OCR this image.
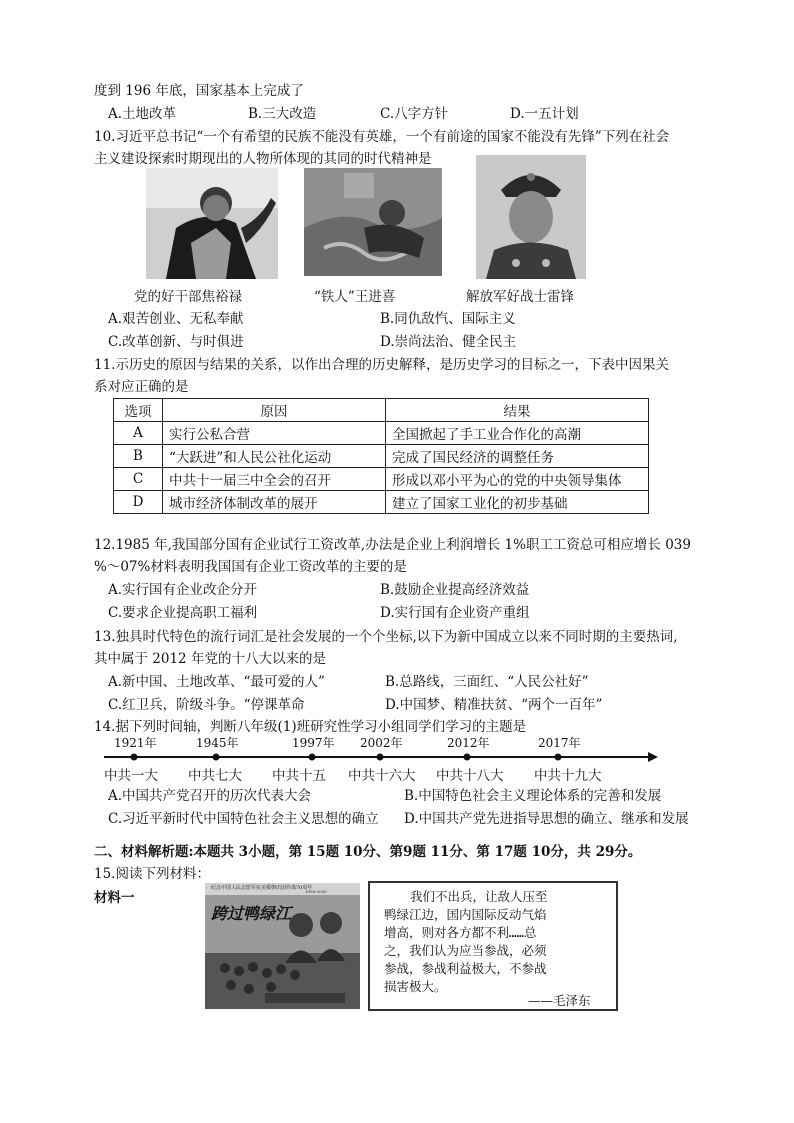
度到 196 年底，国家基本上完成了
A.土地改革	B.三大改造	C.八字方针	D.一五计划
10.习近平总书记“一个有希望的民族不能没有英雄，一个有前途的国家不能没有先锋”下列在社会
主义建设探索时期现出的人物所体现的其同的时代精神是
党的好干部焦裕禄	“铁人”王进喜	解放军好战士雷锋
A.艰苦创业、无私奉献	B.同仇敌忾、国际主义
C.改革创新、与时俱进	D.崇尚法治、健全民主
11.示历史的原因与结果的关系，以作出合理的历史解释，是历史学习的目标之一，下表中因果关
系对应正确的是
选项	原因	结果
A	实行公私合营	全国掀起了手工业合作化的高潮
B	“大跃进”和人民公社化运动	完成了国民经济的调整任务
C	中共十一届三中全会的召开	形成以邓小平为心的党的中央领导集体
D	城市经济体制改革的展开	建立了国家工业化的初步基础
12.1985 年,我国部分国有企业试行工资改革,办法是企业上利润增长 1%职工工资总可相应增长 039
%～07%材料表明我国国有企业工资改革的主要的是
A.实行国有企业改企分开	B.鼓励企业提高经济效益
C.要求企业提高职工福利	D.实行国有企业资产重组
13.独具时代特色的流行词汇是社会发展的一个个坐标,以下为新中国成立以来不同时期的主要热词,
其中属于 2012 年党的十八大以来的是
A.新中国、土地改革、“最可爱的人”	B.总路线，三面红、“人民公社好”
C.红卫兵，阶级斗争。“停课革命	D.中国梦、精准扶贫、“两个一百年”
14.据下列时间轴，判断八年级(1)班研究性学习小组同学们学习的主题是
1921年	1945年	1997年 2002年	2012年	2017年
中共一大 中共七大 中共十五 中共十六大 中共十八大 中共十九大
A.中国共产党召开的历次代表大会	B.中国特色社会主义理论体系的完善和发展
C.习近平新时代中国特色社会主义思想的确立 D.中国共产党先进指导思想的确立、继承和发展
二、材料解析题:本题共 3小题，第 15题 10分、第9题 11分、第 17题 10分，共 29分。
15.阅读下列材料：
材料一
纪念中国人民志愿军抗美援朝出国作战70周年
1950-2020
跨过鸭绿江
我们不出兵，让敌人压至
鸭绿江边，国内国际反动气焰
增高，则对各方都不利……总
之，我们认为应当参战，必须
参战，参战利益极大，不参战
损害极大。
——毛泽东
